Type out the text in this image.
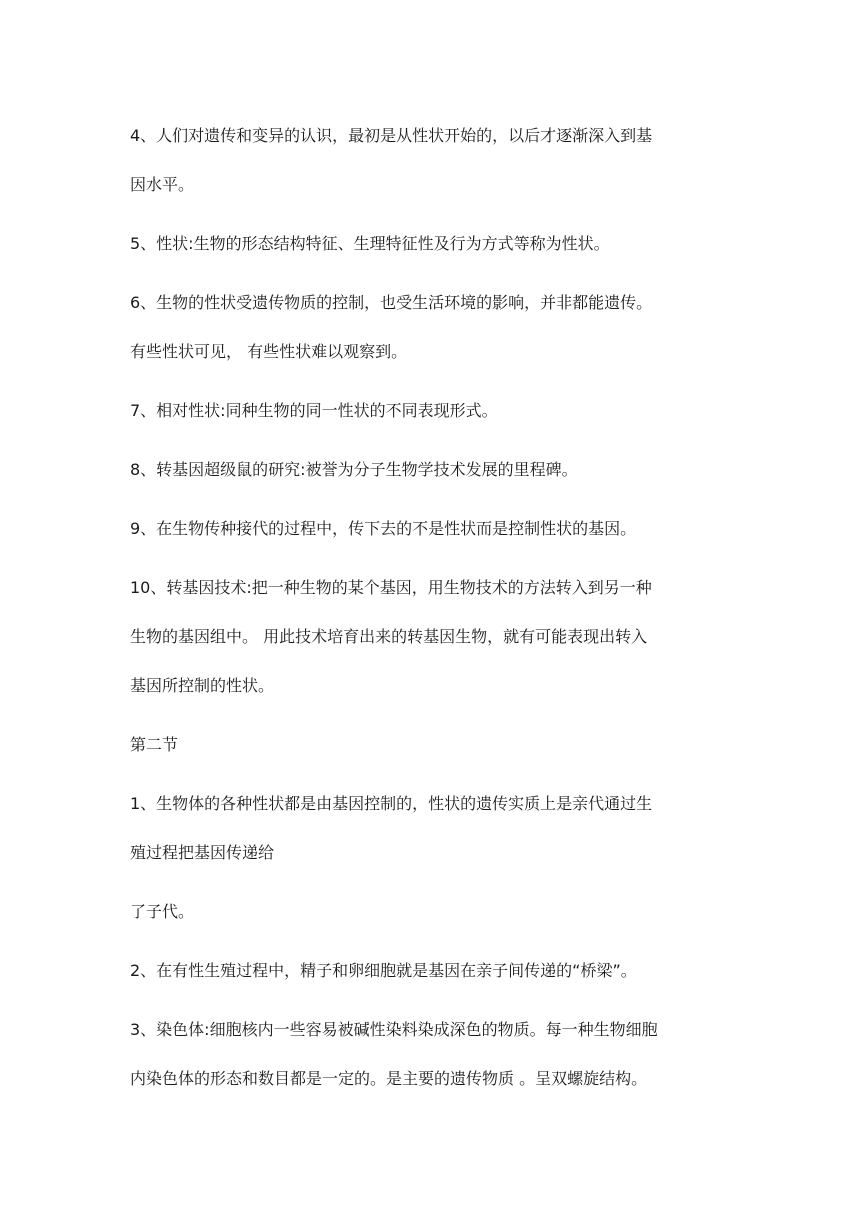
4、人们对遗传和变异的认识，最初是从性状开始的，以后才逐渐深入到基
因水平。

5、性状:生物的形态结构特征、生理特征性及行为方式等称为性状。

6、生物的性状受遗传物质的控制，也受生活环境的影响，并非都能遗传。
有些性状可见， 有些性状难以观察到。

7、相对性状:同种生物的同一性状的不同表现形式。

8、转基因超级鼠的研究:被誉为分子生物学技术发展的里程碑。

9、在生物传种接代的过程中，传下去的不是性状而是控制性状的基因。

10、转基因技术:把一种生物的某个基因，用生物技术的方法转入到另一种
生物的基因组中。 用此技术培育出来的转基因生物，就有可能表现出转入
基因所控制的性状。

第二节

1、生物体的各种性状都是由基因控制的，性状的遗传实质上是亲代通过生
殖过程把基因传递给

了子代。

2、在有性生殖过程中，精子和卵细胞就是基因在亲子间传递的“桥梁”。

3、染色体:细胞核内一些容易被碱性染料染成深色的物质。每一种生物细胞
内染色体的形态和数目都是一定的。是主要的遗传物质 。呈双螺旋结构。
